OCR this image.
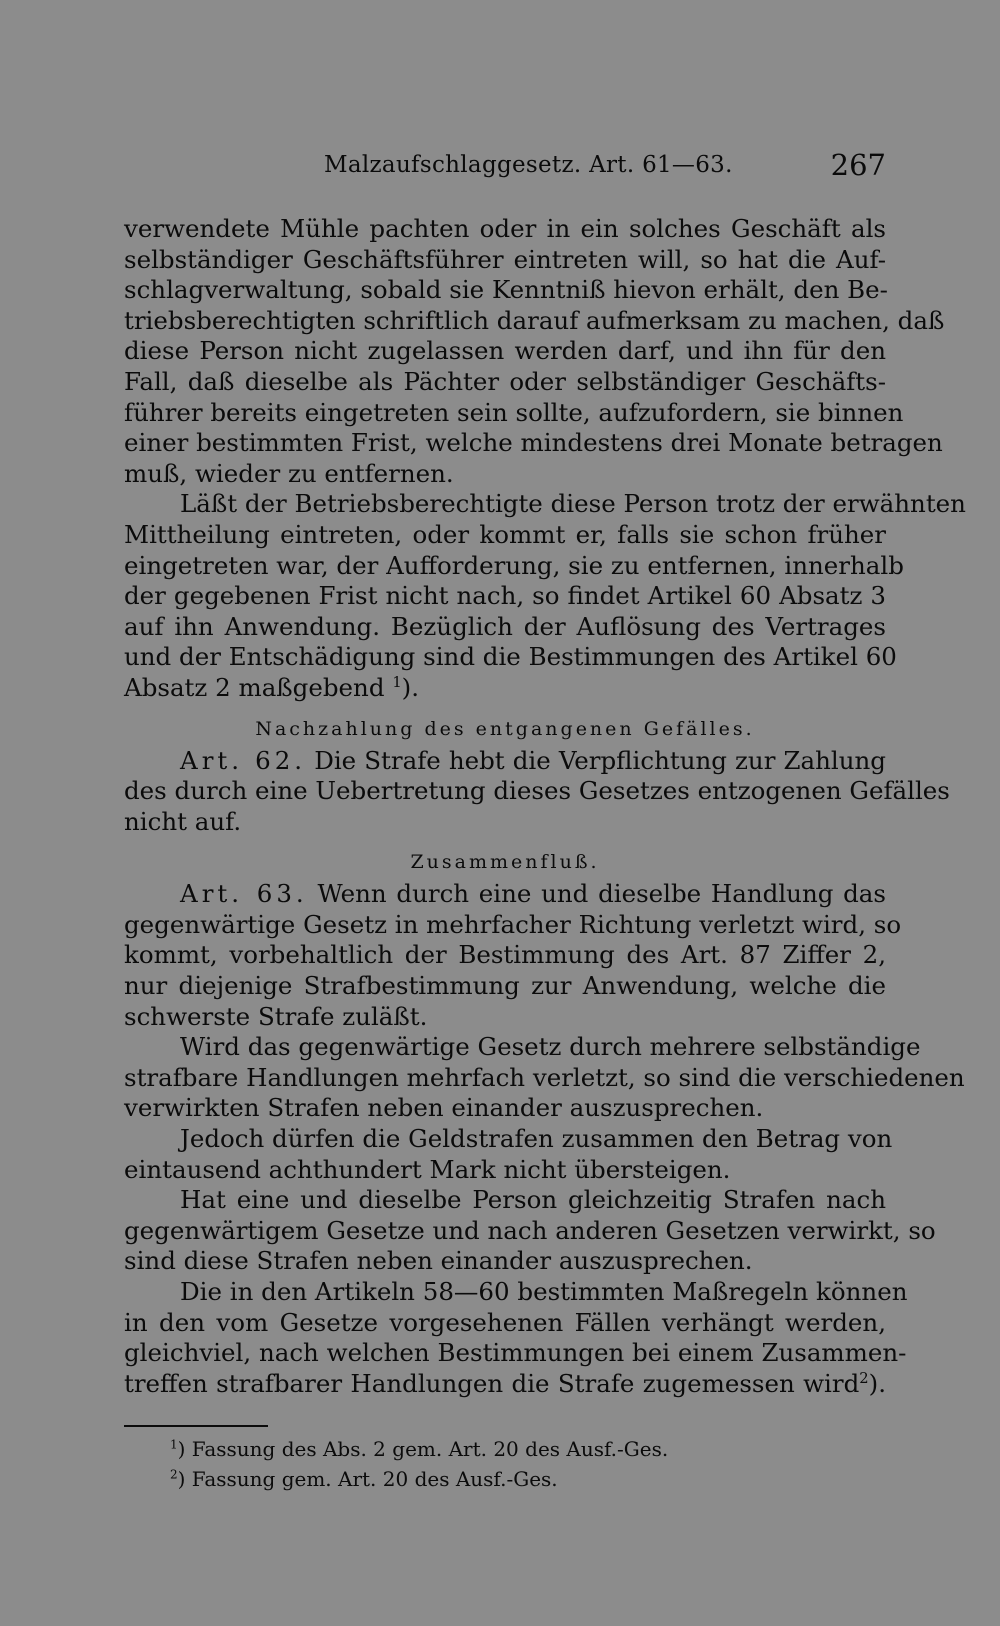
Malzaufschlaggesetz. Art. 61—63.	267
verwendete Mühle pachten oder in ein solches Geschäft als
selbständiger Geschäftsführer eintreten will, so hat die Auf-
schlagverwaltung, sobald sie Kenntniß hievon erhält, den Be-
triebsberechtigten schriftlich darauf aufmerksam zu machen, daß
diese Person nicht zugelassen werden darf, und ihn für den
Fall, daß dieselbe als Pächter oder selbständiger Geschäfts-
führer bereits eingetreten sein sollte, aufzufordern, sie binnen
einer bestimmten Frist, welche mindestens drei Monate betragen
muß, wieder zu entfernen.
Läßt der Betriebsberechtigte diese Person trotz der erwähnten
Mittheilung eintreten, oder kommt er, falls sie schon früher
eingetreten war, der Aufforderung, sie zu entfernen, innerhalb
der gegebenen Frist nicht nach, so findet Artikel 60 Absatz 3
auf ihn Anwendung. Bezüglich der Auflösung des Vertrages
und der Entschädigung sind die Bestimmungen des Artikel 60
Absatz 2 maßgebend $^1$).
Nachzahlung des entgangenen Gefälles.
Art. 62. Die Strafe hebt die Verpflichtung zur Zahlung
des durch eine Uebertretung dieses Gesetzes entzogenen Gefälles
nicht auf.
Zusammenfluß.
Art. 63. Wenn durch eine und dieselbe Handlung das
gegenwärtige Gesetz in mehrfacher Richtung verletzt wird, so
kommt, vorbehaltlich der Bestimmung des Art. 87 Ziffer 2,
nur diejenige Strafbestimmung zur Anwendung, welche die
schwerste Strafe zuläßt.
Wird das gegenwärtige Gesetz durch mehrere selbständige
strafbare Handlungen mehrfach verletzt, so sind die verschiedenen
verwirkten Strafen neben einander auszusprechen.
Jedoch dürfen die Geldstrafen zusammen den Betrag von
eintausend achthundert Mark nicht übersteigen.
Hat eine und dieselbe Person gleichzeitig Strafen nach
gegenwärtigem Gesetze und nach anderen Gesetzen verwirkt, so
sind diese Strafen neben einander auszusprechen.
Die in den Artikeln 58—60 bestimmten Maßregeln können
in den vom Gesetze vorgesehenen Fällen verhängt werden,
gleichviel, nach welchen Bestimmungen bei einem Zusammen-
treffen strafbarer Handlungen die Strafe zugemessen wird$^2$).
$^1$) Fassung des Abs. 2 gem. Art. 20 des Ausf.-Ges.
$^2$) Fassung gem. Art. 20 des Ausf.-Ges.
